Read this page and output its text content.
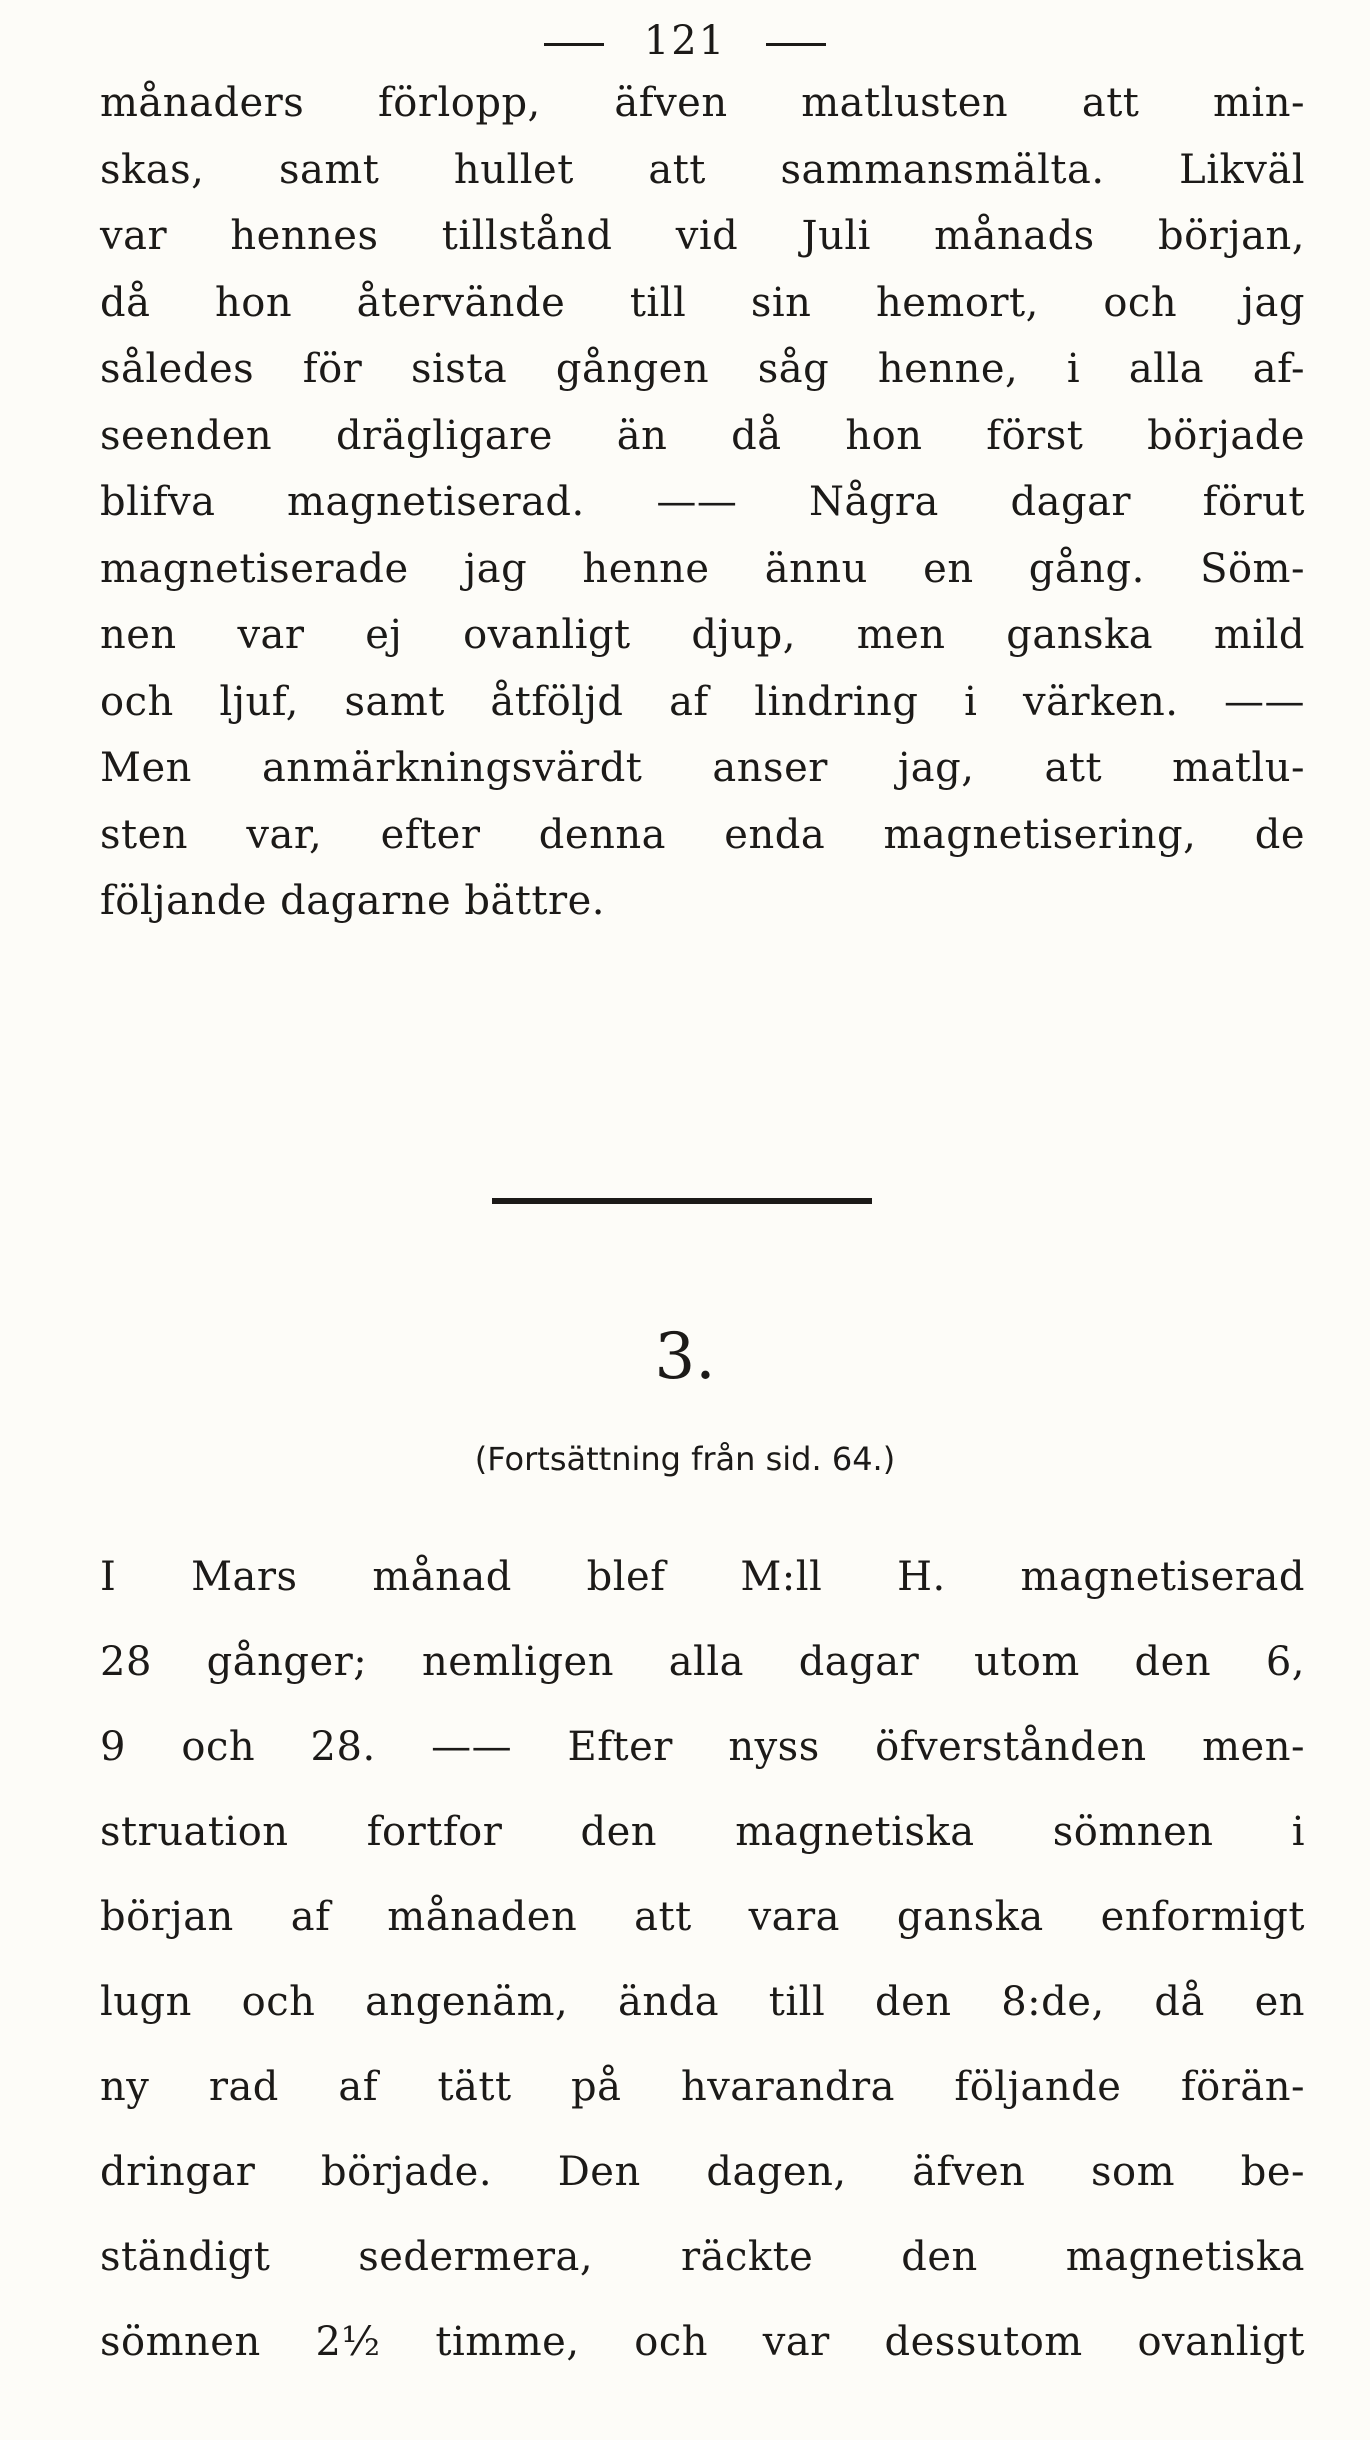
121
månaders förlopp, äfven matlusten att min-
skas, samt hullet att sammansmälta. Likväl
var hennes tillstånd vid Juli månads början,
då hon återvände till sin hemort, och jag
således för sista gången såg henne, i alla af-
seenden drägligare än då hon först började
blifva magnetiserad. —— Några dagar förut
magnetiserade jag henne ännu en gång. Söm-
nen var ej ovanligt djup, men ganska mild
och ljuf, samt åtföljd af lindring i värken. ——
Men anmärkningsvärdt anser jag, att matlu-
sten var, efter denna enda magnetisering, de
följande dagarne bättre.
3.
(Fortsättning från sid. 64.)
I Mars månad blef M:ll H. magnetiserad
28 gånger; nemligen alla dagar utom den 6,
9 och 28. —— Efter nyss öfverstånden men-
struation fortfor den magnetiska sömnen i
början af månaden att vara ganska enformigt
lugn och angenäm, ända till den 8:de, då en
ny rad af tätt på hvarandra följande förän-
dringar började. Den dagen, äfven som be-
ständigt sedermera, räckte den magnetiska
sömnen 2½ timme, och var dessutom ovanligt
